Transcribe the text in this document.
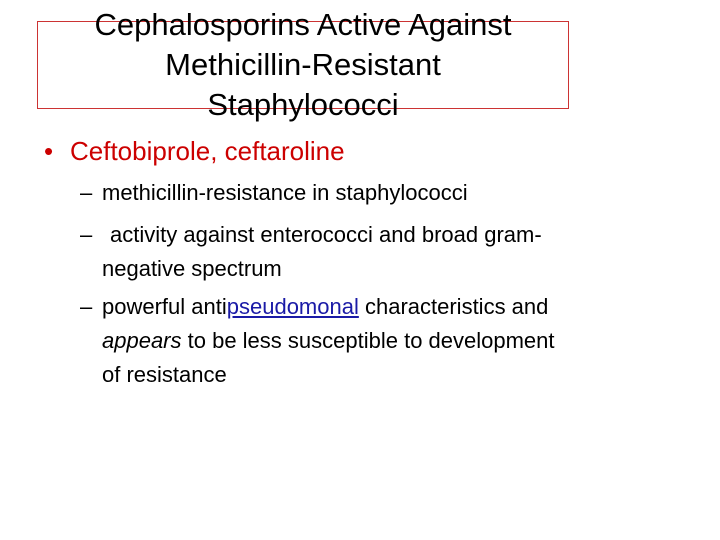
Cephalosporins Active Against
Methicillin-Resistant
Staphylococci
• Ceftobiprole, ceftaroline
– methicillin-resistance in staphylococci
– activity against enterococci and broad gram-
negative spectrum
– powerful antipseudomonal characteristics and
appears to be less susceptible to development
of resistance
